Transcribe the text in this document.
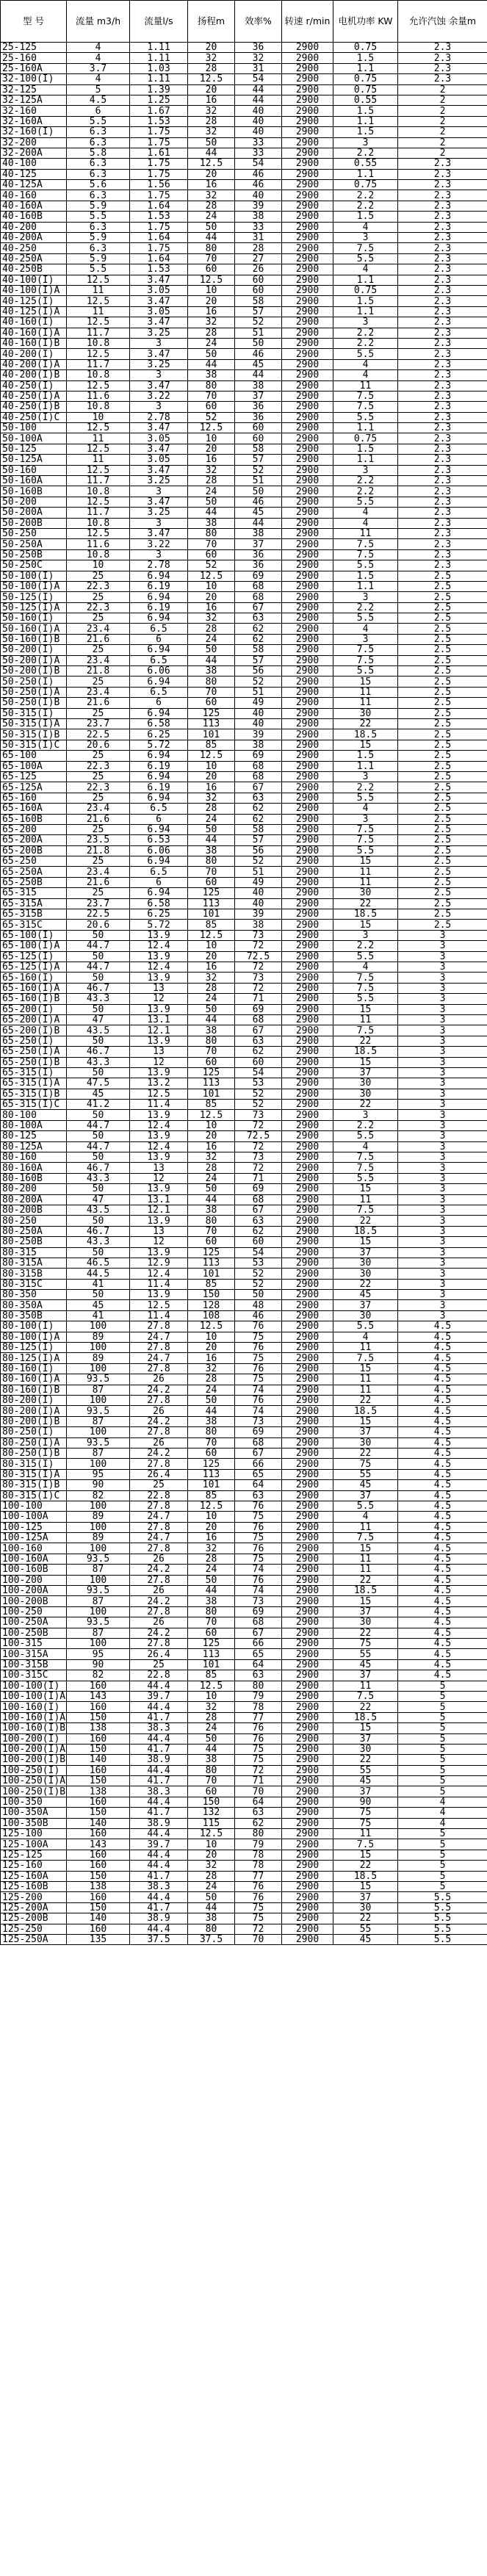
型 号	流量 m3/h	流量l/s	扬程m	效率%	转速 r/min	电机功率 KW	允许汽蚀 余量m
25-125	4	1.11	20	36	2900	0.75	2.3
25-160	4	1.11	32	32	2900	1.5	2.3
25-160A	3.7	1.03	28	31	2900	1.1	2.3
32-100(I)	4	1.11	12.5	54	2900	0.75	2.3
32-125	5	1.39	20	44	2900	0.75	2
32-125A	4.5	1.25	16	44	2900	0.55	2
32-160	6	1.67	32	40	2900	1.5	2
32-160A	5.5	1.53	28	40	2900	1.1	2
32-160(I)	6.3	1.75	32	40	2900	1.5	2
32-200	6.3	1.75	50	33	2900	3	2
32-200A	5.8	1.61	44	33	2900	2.2	2
40-100	6.3	1.75	12.5	54	2900	0.55	2.3
40-125	6.3	1.75	20	46	2900	1.1	2.3
40-125A	5.6	1.56	16	46	2900	0.75	2.3
40-160	6.3	1.75	32	40	2900	2.2	2.3
40-160A	5.9	1.64	28	39	2900	2.2	2.3
40-160B	5.5	1.53	24	38	2900	1.5	2.3
40-200	6.3	1.75	50	33	2900	4	2.3
40-200A	5.9	1.64	44	31	2900	3	2.3
40-250	6.3	1.75	80	28	2900	7.5	2.3
40-250A	5.9	1.64	70	27	2900	5.5	2.3
40-250B	5.5	1.53	60	26	2900	4	2.3
40-100(I)	12.5	3.47	12.5	60	2900	1.1	2.3
40-100(I)A	11	3.05	10	60	2900	0.75	2.3
40-125(I)	12.5	3.47	20	58	2900	1.5	2.3
40-125(I)A	11	3.05	16	57	2900	1.1	2.3
40-160(I)	12.5	3.47	32	52	2900	3	2.3
40-160(I)A	11.7	3.25	28	51	2900	2.2	2.3
40-160(I)B	10.8	3	24	50	2900	2.2	2.3
40-200(I)	12.5	3.47	50	46	2900	5.5	2.3
40-200(I)A	11.7	3.25	44	45	2900	4	2.3
40-200(I)B	10.8	3	38	44	2900	4	2.3
40-250(I)	12.5	3.47	80	38	2900	11	2.3
40-250(I)A	11.6	3.22	70	37	2900	7.5	2.3
40-250(I)B	10.8	3	60	36	2900	7.5	2.3
40-250(I)C	10	2.78	52	36	2900	5.5	2.3
50-100	12.5	3.47	12.5	60	2900	1.1	2.3
50-100A	11	3.05	10	60	2900	0.75	2.3
50-125	12.5	3.47	20	58	2900	1.5	2.3
50-125A	11	3.05	16	57	2900	1.1	2.3
50-160	12.5	3.47	32	52	2900	3	2.3
50-160A	11.7	3.25	28	51	2900	2.2	2.3
50-160B	10.8	3	24	50	2900	2.2	2.3
50-200	12.5	3.47	50	46	2900	5.5	2.3
50-200A	11.7	3.25	44	45	2900	4	2.3
50-200B	10.8	3	38	44	2900	4	2.3
50-250	12.5	3.47	80	38	2900	11	2.3
50-250A	11.6	3.22	70	37	2900	7.5	2.3
50-250B	10.8	3	60	36	2900	7.5	2.3
50-250C	10	2.78	52	36	2900	5.5	2.3
50-100(I)	25	6.94	12.5	69	2900	1.5	2.5
50-100(I)A	22.3	6.19	10	68	2900	1.1	2.5
50-125(I)	25	6.94	20	68	2900	3	2.5
50-125(I)A	22.3	6.19	16	67	2900	2.2	2.5
50-160(I)	25	6.94	32	63	2900	5.5	2.5
50-160(I)A	23.4	6.5	28	62	2900	4	2.5
50-160(I)B	21.6	6	24	62	2900	3	2.5
50-200(I)	25	6.94	50	58	2900	7.5	2.5
50-200(I)A	23.4	6.5	44	57	2900	7.5	2.5
50-200(I)B	21.8	6.06	38	56	2900	5.5	2.5
50-250(I)	25	6.94	80	52	2900	15	2.5
50-250(I)A	23.4	6.5	70	51	2900	11	2.5
50-250(I)B	21.6	6	60	49	2900	11	2.5
50-315(I)	25	6.94	125	40	2900	30	2.5
50-315(I)A	23.7	6.58	113	40	2900	22	2.5
50-315(I)B	22.5	6.25	101	39	2900	18.5	2.5
50-315(I)C	20.6	5.72	85	38	2900	15	2.5
65-100	25	6.94	12.5	69	2900	1.5	2.5
65-100A	22.3	6.19	10	68	2900	1.1	2.5
65-125	25	6.94	20	68	2900	3	2.5
65-125A	22.3	6.19	16	67	2900	2.2	2.5
65-160	25	6.94	32	63	2900	5.5	2.5
65-160A	23.4	6.5	28	62	2900	4	2.5
65-160B	21.6	6	24	62	2900	3	2.5
65-200	25	6.94	50	58	2900	7.5	2.5
65-200A	23.5	6.53	44	57	2900	7.5	2.5
65-200B	21.8	6.06	38	56	2900	5.5	2.5
65-250	25	6.94	80	52	2900	15	2.5
65-250A	23.4	6.5	70	51	2900	11	2.5
65-250B	21.6	6	60	49	2900	11	2.5
65-315	25	6.94	125	40	2900	30	2.5
65-315A	23.7	6.58	113	40	2900	22	2.5
65-315B	22.5	6.25	101	39	2900	18.5	2.5
65-315C	20.6	5.72	85	38	2900	15	2.5
65-100(I)	50	13.9	12.5	73	2900	3	3
65-100(I)A	44.7	12.4	10	72	2900	2.2	3
65-125(I)	50	13.9	20	72.5	2900	5.5	3
65-125(I)A	44.7	12.4	16	72	2900	4	3
65-160(I)	50	13.9	32	73	2900	7.5	3
65-160(I)A	46.7	13	28	72	2900	7.5	3
65-160(I)B	43.3	12	24	71	2900	5.5	3
65-200(I)	50	13.9	50	69	2900	15	3
65-200(I)A	47	13.1	44	68	2900	11	3
65-200(I)B	43.5	12.1	38	67	2900	7.5	3
65-250(I)	50	13.9	80	63	2900	22	3
65-250(I)A	46.7	13	70	62	2900	18.5	3
65-250(I)B	43.3	12	60	60	2900	15	3
65-315(I)	50	13.9	125	54	2900	37	3
65-315(I)A	47.5	13.2	113	53	2900	30	3
65-315(I)B	45	12.5	101	52	2900	30	3
65-315(I)C	41.2	11.4	85	52	2900	22	3
80-100	50	13.9	12.5	73	2900	3	3
80-100A	44.7	12.4	10	72	2900	2.2	3
80-125	50	13.9	20	72.5	2900	5.5	3
80-125A	44.7	12.4	16	72	2900	4	3
80-160	50	13.9	32	73	2900	7.5	3
80-160A	46.7	13	28	72	2900	7.5	3
80-160B	43.3	12	24	71	2900	5.5	3
80-200	50	13.9	50	69	2900	15	3
80-200A	47	13.1	44	68	2900	11	3
80-200B	43.5	12.1	38	67	2900	7.5	3
80-250	50	13.9	80	63	2900	22	3
80-250A	46.7	13	70	62	2900	18.5	3
80-250B	43.3	12	60	60	2900	15	3
80-315	50	13.9	125	54	2900	37	3
80-315A	46.5	12.9	113	53	2900	30	3
80-315B	44.5	12.4	101	52	2900	30	3
80-315C	41	11.4	85	52	2900	22	3
80-350	50	13.9	150	50	2900	45	3
80-350A	45	12.5	128	48	2900	37	3
80-350B	41	11.4	108	46	2900	30	3
80-100(I)	100	27.8	12.5	76	2900	5.5	4.5
80-100(I)A	89	24.7	10	75	2900	4	4.5
80-125(I)	100	27.8	20	76	2900	11	4.5
80-125(I)A	89	24.7	16	75	2900	7.5	4.5
80-160(I)	100	27.8	32	76	2900	15	4.5
80-160(I)A	93.5	26	28	75	2900	11	4.5
80-160(I)B	87	24.2	24	74	2900	11	4.5
80-200(I)	100	27.8	50	76	2900	22	4.5
80-200(I)A	93.5	26	44	74	2900	18.5	4.5
80-200(I)B	87	24.2	38	73	2900	15	4.5
80-250(I)	100	27.8	80	69	2900	37	4.5
80-250(I)A	93.5	26	70	68	2900	30	4.5
80-250(I)B	87	24.2	60	67	2900	22	4.5
80-315(I)	100	27.8	125	66	2900	75	4.5
80-315(I)A	95	26.4	113	65	2900	55	4.5
80-315(I)B	90	25	101	64	2900	45	4.5
80-315(I)C	82	22.8	85	63	2900	37	4.5
100-100	100	27.8	12.5	76	2900	5.5	4.5
100-100A	89	24.7	10	75	2900	4	4.5
100-125	100	27.8	20	76	2900	11	4.5
100-125A	89	24.7	16	75	2900	7.5	4.5
100-160	100	27.8	32	76	2900	15	4.5
100-160A	93.5	26	28	75	2900	11	4.5
100-160B	87	24.2	24	74	2900	11	4.5
100-200	100	27.8	50	76	2900	22	4.5
100-200A	93.5	26	44	74	2900	18.5	4.5
100-200B	87	24.2	38	73	2900	15	4.5
100-250	100	27.8	80	69	2900	37	4.5
100-250A	93.5	26	70	68	2900	30	4.5
100-250B	87	24.2	60	67	2900	22	4.5
100-315	100	27.8	125	66	2900	75	4.5
100-315A	95	26.4	113	65	2900	55	4.5
100-315B	90	25	101	64	2900	45	4.5
100-315C	82	22.8	85	63	2900	37	4.5
100-100(I)	160	44.4	12.5	80	2900	11	5
100-100(I)A	143	39.7	10	79	2900	7.5	5
100-160(I)	160	44.4	32	78	2900	22	5
100-160(I)A	150	41.7	28	77	2900	18.5	5
100-160(I)B	138	38.3	24	76	2900	15	5
100-200(I)	160	44.4	50	76	2900	37	5
100-200(I)A	150	41.7	44	75	2900	30	5
100-200(I)B	140	38.9	38	75	2900	22	5
100-250(I)	160	44.4	80	72	2900	55	5
100-250(I)A	150	41.7	70	71	2900	45	5
100-250(I)B	138	38.3	60	70	2900	37	5
100-350	160	44.4	150	64	2900	90	4
100-350A	150	41.7	132	63	2900	75	4
100-350B	140	38.9	115	62	2900	75	4
125-100	160	44.4	12.5	80	2900	11	5
125-100A	143	39.7	10	79	2900	7.5	5
125-125	160	44.4	20	78	2900	15	5
125-160	160	44.4	32	78	2900	22	5
125-160A	150	41.7	28	77	2900	18.5	5
125-160B	138	38.3	24	76	2900	15	5
125-200	160	44.4	50	76	2900	37	5.5
125-200A	150	41.7	44	75	2900	30	5.5
125-200B	140	38.9	38	75	2900	22	5.5
125-250	160	44.4	80	72	2900	55	5.5
125-250A	135	37.5	37.5	70	2900	45	5.5
